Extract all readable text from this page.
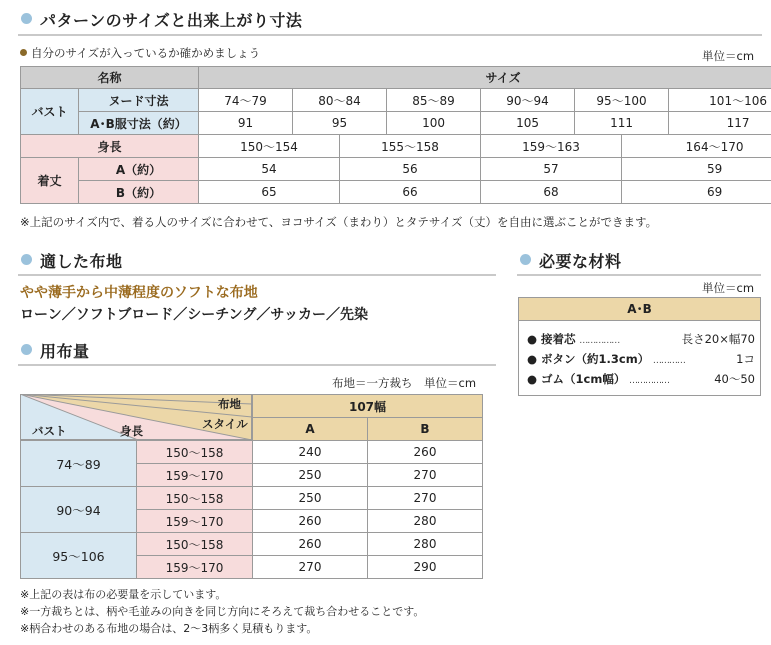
パターンのサイズと出来上がり寸法
自分のサイズが入っているか確かめましょう	単位＝cm
名称		サイズ							
バスト	ヌード寸法	74〜79	80〜84		85〜89	90〜94	95〜100		101〜106
	A･B服寸法（約）	91	95		100	105	111		117
身長		150〜154		155〜158		159〜163		164〜170	
着丈	A（約）	54		56		57		59	
	B（約）	65		66		68		69	
※上記のサイズ内で、着る人のサイズに合わせて、ヨコサイズ（まわり）とタテサイズ（丈）を自由に選ぶことができます。
適した布地
やや薄手から中薄程度のソフトな布地
ローン／ソフトブロード／シーチング／サッカー／先染
用布量
布地＝一方裁ち　単位＝cm
布地
スタイル
身長
バスト
107幅
A	B
74〜89	150〜158	240	260
	159〜170	250	270
90〜94	150〜158	250	270
	159〜170	260	280
95〜106	150〜158	260	280
	159〜170	270	290
※上記の表は布の必要量を示しています。
※一方裁ちとは、柄や毛並みの向きを同じ方向にそろえて裁ち合わせることです。
※柄合わせのある布地の場合は、2〜3柄多く見積もります。
必要な材料
単位＝cm
A･B
● 接着芯 ……………	長さ20×幅70
● ボタン（約1.3cm） …………	1コ
● ゴム（1cm幅） ……………	40〜50
